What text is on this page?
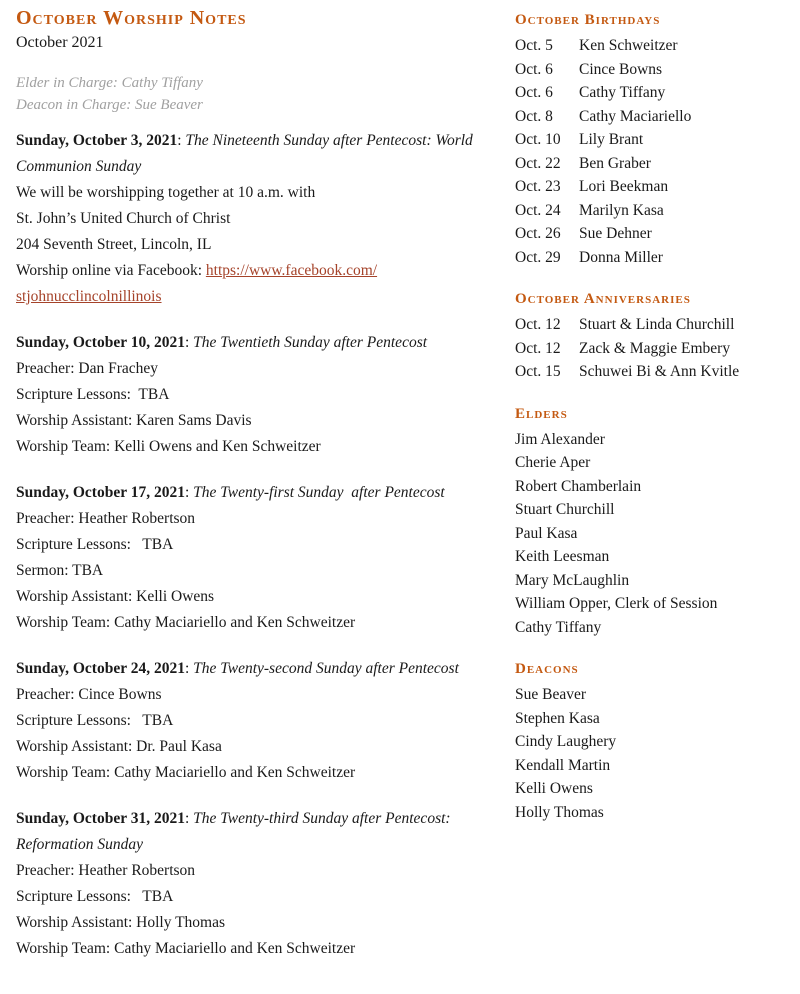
October Worship Notes

October 2021

Elder in Charge: Cathy Tiffany

Deacon in Charge: Sue Beaver

Sunday, October 3, 2021: The Nineteenth Sunday after Pentecost: World Communion Sunday

We will be worshipping together at 10 a.m. with

St. John’s United Church of Christ

204 Seventh Street, Lincoln, IL

Worship online via Facebook: https://www.facebook.com/
stjohnucclincolnillinois

Sunday, October 10, 2021: The Twentieth Sunday after Pentecost

Preacher: Dan Frachey

Scripture Lessons:  TBA

Worship Assistant: Karen Sams Davis

Worship Team: Kelli Owens and Ken Schweitzer

Sunday, October 17, 2021: The Twenty-first Sunday  after Pentecost

Preacher: Heather Robertson

Scripture Lessons:   TBA

Sermon: TBA

Worship Assistant: Kelli Owens

Worship Team: Cathy Maciariello and Ken Schweitzer

Sunday, October 24, 2021: The Twenty-second Sunday after Pentecost

Preacher: Cince Bowns

Scripture Lessons:   TBA

Worship Assistant: Dr. Paul Kasa

Worship Team: Cathy Maciariello and Ken Schweitzer

Sunday, October 31, 2021: The Twenty-third Sunday after Pentecost: Reformation Sunday

Preacher: Heather Robertson

Scripture Lessons:   TBA

Worship Assistant: Holly Thomas

Worship Team: Cathy Maciariello and Ken Schweitzer

October Birthdays
Oct. 5	Ken Schweitzer
Oct. 6	Cince Bowns
Oct. 6	Cathy Tiffany
Oct. 8	Cathy Maciariello
Oct. 10	Lily Brant
Oct. 22	Ben Graber
Oct. 23	Lori Beekman
Oct. 24	Marilyn Kasa
Oct. 26	Sue Dehner
Oct. 29	Donna Miller
October Anniversaries
Oct. 12	Stuart & Linda Churchill
Oct. 12	Zack & Maggie Embery
Oct. 15	Schuwei Bi & Ann Kvitle
Elders
Jim Alexander
Cherie Aper
Robert Chamberlain
Stuart Churchill
Paul Kasa
Keith Leesman
Mary McLaughlin
William Opper, Clerk of Session
Cathy Tiffany
Deacons
Sue Beaver
Stephen Kasa
Cindy Laughery
Kendall Martin
Kelli Owens
Holly Thomas
